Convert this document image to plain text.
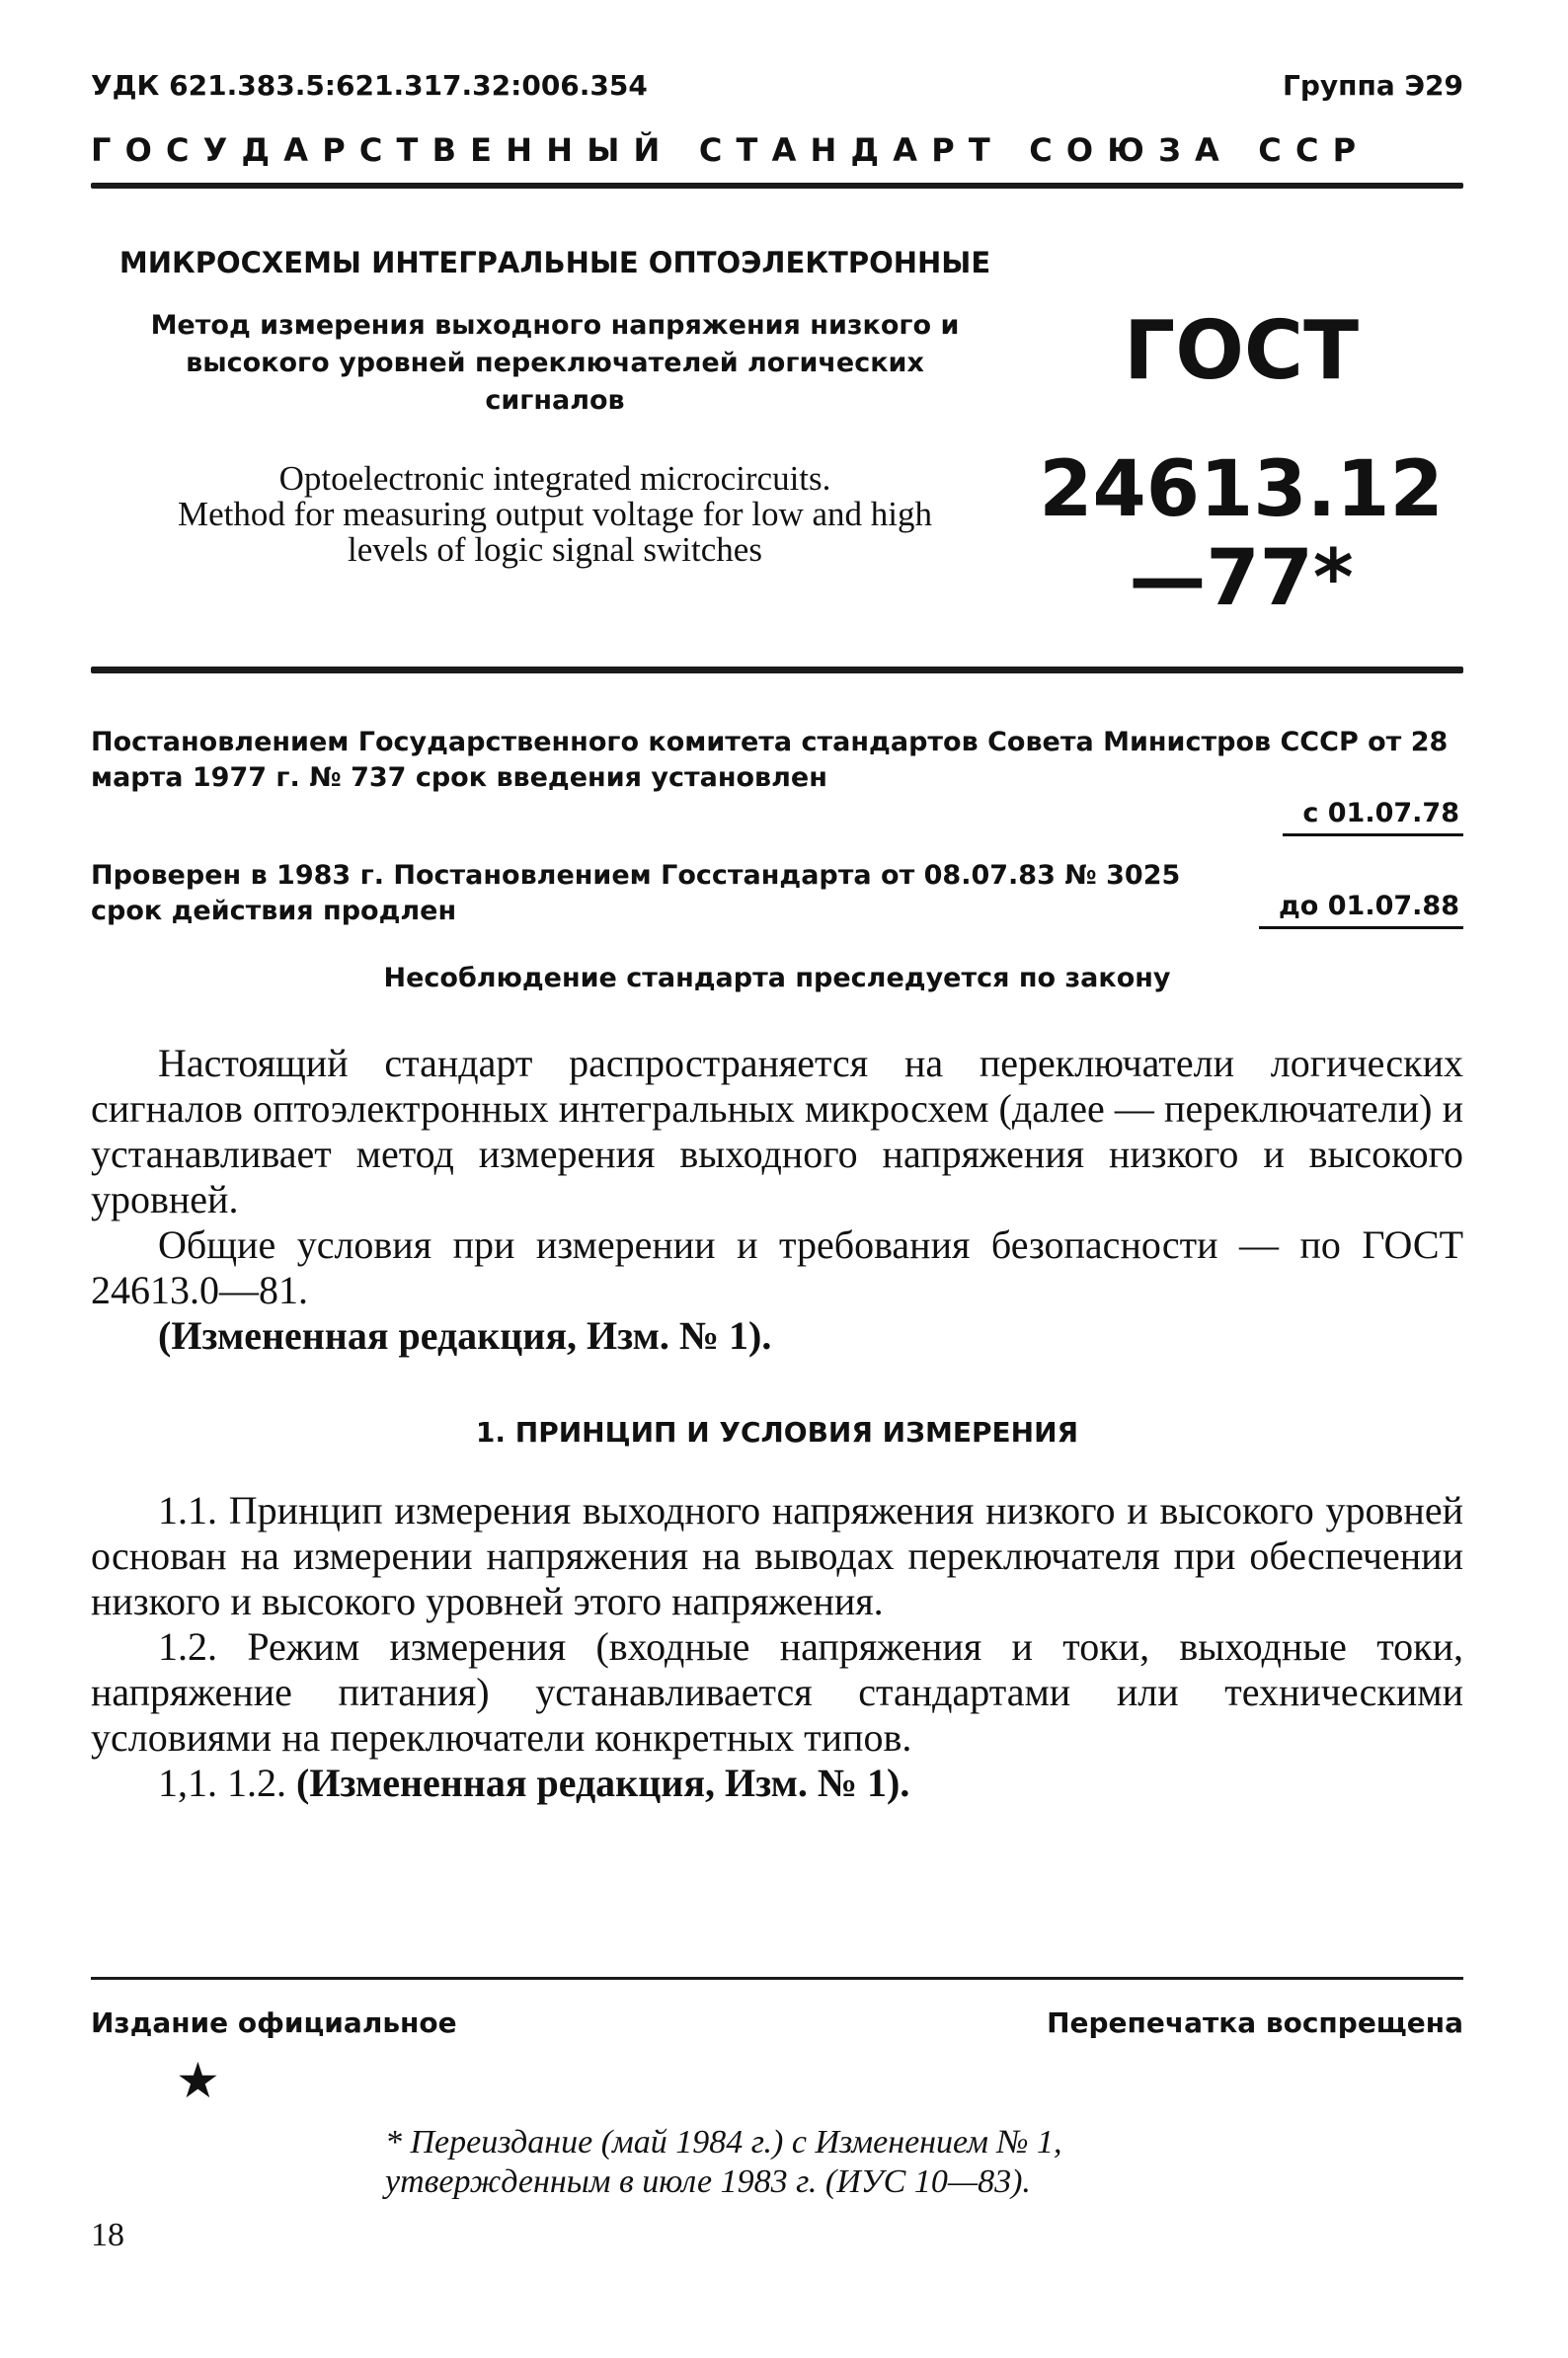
УДК 621.383.5:621.317.32:006.354	Группа Э29
ГОСУДАРСТВЕННЫЙ СТАНДАРТ СОЮЗА ССР
МИКРОСХЕМЫ ИНТЕГРАЛЬНЫЕ ОПТОЭЛЕКТРОННЫЕ
Метод измерения выходного напряжения низкого и высокого уровней переключателей логических сигналов
Optoelectronic integrated microcircuits.
Method for measuring output voltage for low and high
levels of logic signal switches
ГОСТ
24613.12—77*
Постановлением Государственного комитета стандартов Совета Министров СССР от 28 марта 1977 г. № 737 срок введения установлен
с 01.07.78
Проверен в 1983 г. Постановлением Госстандарта от 08.07.83 № 3025 срок действия продлен	до 01.07.88
Несоблюдение стандарта преследуется по закону

Настоящий стандарт распространяется на переключатели логических сигналов оптоэлектронных интегральных микросхем (далее — переключатели) и устанавливает метод измерения выходного напряжения низкого и высокого уровней.

Общие условия при измерении и требования безопасности — по ГОСТ 24613.0—81.

(Измененная редакция, Изм. № 1).

1. ПРИНЦИП И УСЛОВИЯ ИЗМЕРЕНИЯ

1.1. Принцип измерения выходного напряжения низкого и высокого уровней основан на измерении напряжения на выводах переключателя при обеспечении низкого и высокого уровней этого напряжения.

1.2. Режим измерения (входные напряжения и токи, выходные токи, напряжение питания) устанавливается стандартами или техническими условиями на переключатели конкретных типов.

1,1. 1.2. (Измененная редакция, Изм. № 1).

Издание официальное	Перепечатка воспрещена
★
* Переиздание (май 1984 г.) с Изменением № 1, утвержденным в июле 1983 г. (ИУС 10—83).
18
